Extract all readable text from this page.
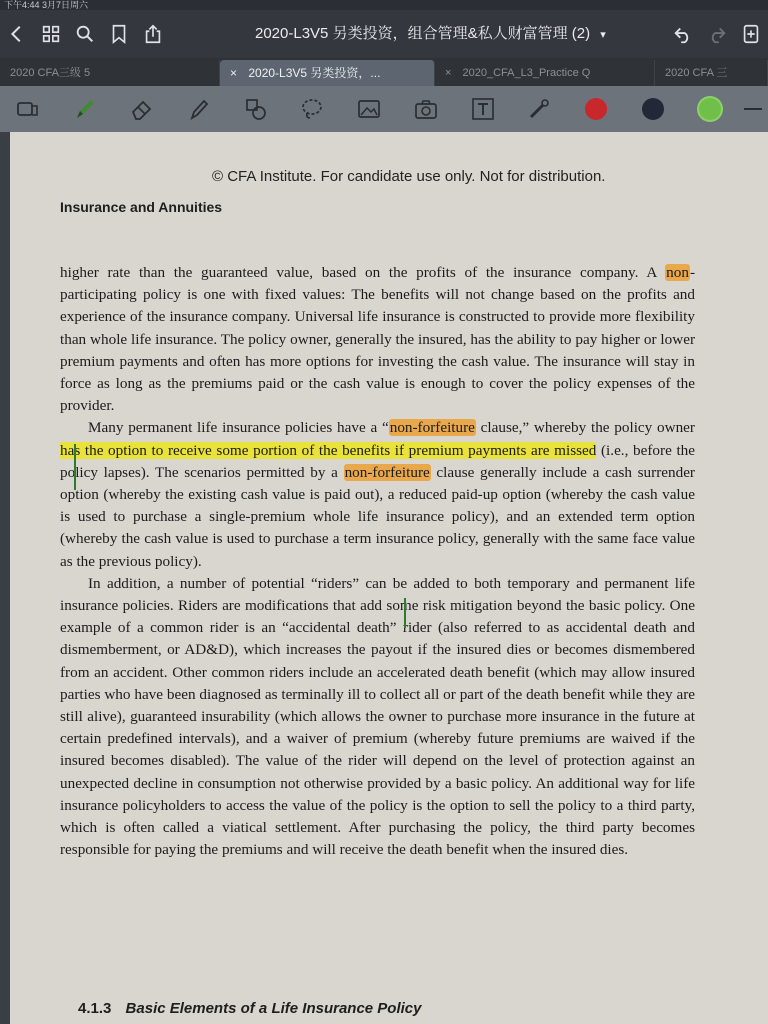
下午4:44 3月7日周六
2020-L3V5 另类投资，组合管理&私人财富管理 (2) ▾
2020 CFA三级 5	× 2020-L3V5 另类投资，...	× 2020_CFA_L3_Practice Q	2020 CFA 三
© CFA Institute. For candidate use only. Not for distribution.
Insurance and Annuities

higher rate than the guaranteed value, based on the profits of the insurance company. A non-participating policy is one with fixed values: The benefits will not change based on the profits and experience of the insurance company. Universal life insurance is constructed to provide more flexibility than whole life insurance. The policy owner, generally the insured, has the ability to pay higher or lower premium payments and often has more options for investing the cash value. The insurance will stay in force as long as the premiums paid or the cash value is enough to cover the policy expenses of the provider.

Many permanent life insurance policies have a “non-forfeiture clause,” whereby the policy owner has the option to receive some portion of the benefits if premium payments are missed (i.e., before the policy lapses). The scenarios permitted by a non-forfeiture clause generally include a cash surrender option (whereby the existing cash value is paid out), a reduced paid-up option (whereby the cash value is used to purchase a single-premium whole life insurance policy), and an extended term option (whereby the cash value is used to purchase a term insurance policy, generally with the same face value as the previous policy).

In addition, a number of potential “riders” can be added to both temporary and permanent life insurance policies. Riders are modifications that add some risk mitigation beyond the basic policy. One example of a common rider is an “accidental death” rider (also referred to as accidental death and dismemberment, or AD&D), which increases the payout if the insured dies or becomes dismembered from an accident. Other common riders include an accelerated death benefit (which may allow insured parties who have been diagnosed as terminally ill to collect all or part of the death benefit while they are still alive), guaranteed insurability (which allows the owner to purchase more insurance in the future at certain predefined intervals), and a waiver of premium (whereby future premiums are waived if the insured becomes disabled). The value of the rider will depend on the level of protection against an unexpected decline in consumption not otherwise provided by a basic policy. An additional way for life insurance policyholders to access the value of the policy is the option to sell the policy to a third party, which is often called a viatical settlement. After purchasing the policy, the third party becomes responsible for paying the premiums and will receive the death benefit when the insured dies.

4.1.3 Basic Elements of a Life Insurance Policy
